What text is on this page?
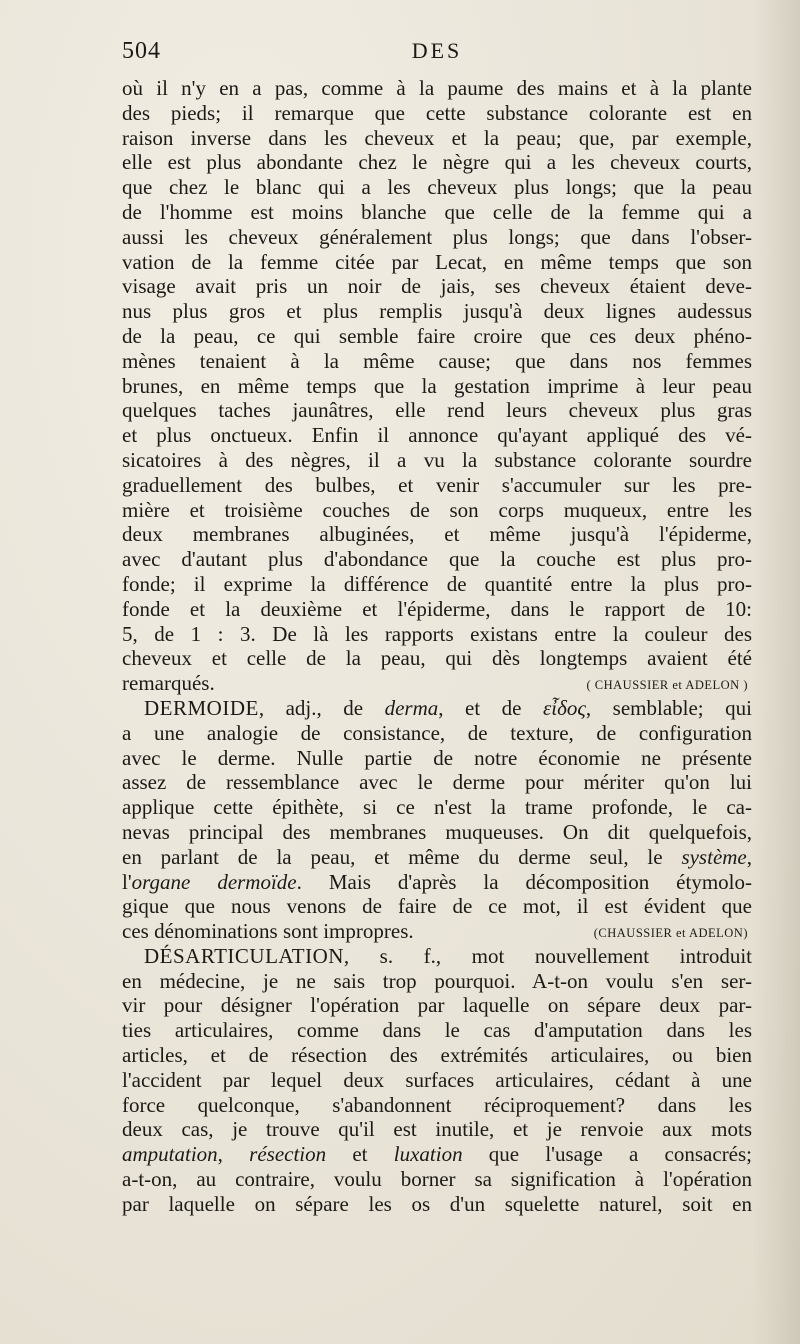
504	DES
où il n'y en a pas, comme à la paume des mains et à la plante
des pieds; il remarque que cette substance colorante est en
raison inverse dans les cheveux et la peau; que, par exemple,
elle est plus abondante chez le nègre qui a les cheveux courts,
que chez le blanc qui a les cheveux plus longs; que la peau
de l'homme est moins blanche que celle de la femme qui a
aussi les cheveux généralement plus longs; que dans l'obser-
vation de la femme citée par Lecat, en même temps que son
visage avait pris un noir de jais, ses cheveux étaient deve-
nus plus gros et plus remplis jusqu'à deux lignes audessus
de la peau, ce qui semble faire croire que ces deux phéno-
mènes tenaient à la même cause; que dans nos femmes
brunes, en même temps que la gestation imprime à leur peau
quelques taches jaunâtres, elle rend leurs cheveux plus gras
et plus onctueux. Enfin il annonce qu'ayant appliqué des vé-
sicatoires à des nègres, il a vu la substance colorante sourdre
graduellement des bulbes, et venir s'accumuler sur les pre-
mière et troisième couches de son corps muqueux, entre les
deux membranes albuginées, et même jusqu'à l'épiderme,
avec d'autant plus d'abondance que la couche est plus pro-
fonde; il exprime la différence de quantité entre la plus pro-
fonde et la deuxième et l'épiderme, dans le rapport de 10:
5, de 1 : 3. De là les rapports existans entre la couleur des
cheveux et celle de la peau, qui dès longtemps avaient été
remarqués.	( CHAUSSIER et ADELON )
DERMOIDE, adj., de derma, et de εἶδος, semblable; qui
a une analogie de consistance, de texture, de configuration
avec le derme. Nulle partie de notre économie ne présente
assez de ressemblance avec le derme pour mériter qu'on lui
applique cette épithète, si ce n'est la trame profonde, le ca-
nevas principal des membranes muqueuses. On dit quelquefois,
en parlant de la peau, et même du derme seul, le système,
l'organe dermoïde. Mais d'après la décomposition étymolo-
gique que nous venons de faire de ce mot, il est évident que
ces dénominations sont impropres.	(CHAUSSIER et ADELON)
DÉSARTICULATION, s. f., mot nouvellement introduit
en médecine, je ne sais trop pourquoi. A-t-on voulu s'en ser-
vir pour désigner l'opération par laquelle on sépare deux par-
ties articulaires, comme dans le cas d'amputation dans les
articles, et de résection des extrémités articulaires, ou bien
l'accident par lequel deux surfaces articulaires, cédant à une
force quelconque, s'abandonnent réciproquement? dans les
deux cas, je trouve qu'il est inutile, et je renvoie aux mots
amputation, résection et luxation que l'usage a consacrés;
a-t-on, au contraire, voulu borner sa signification à l'opération
par laquelle on sépare les os d'un squelette naturel, soit en
